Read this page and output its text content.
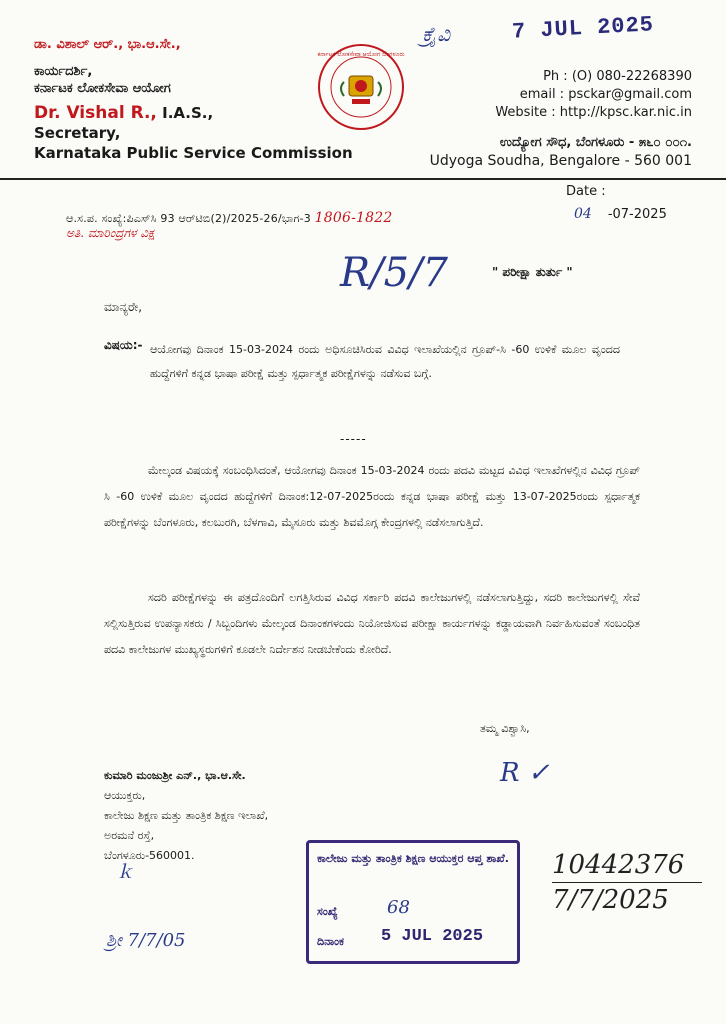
ಡಾ. ವಿಶಾಲ್ ಆರ್., ಭಾ.ಆ.ಸೇ.,
ಕಾರ್ಯದರ್ಶಿ,
ಕರ್ನಾಟಕ ಲೋಕಸೇವಾ ಆಯೋಗ
Dr. Vishal R., I.A.S.,
Secretary,
Karnataka Public Service Commission
ಕರ್ನಾಟಕ ಲೋಕಸೇವಾ ಆಯೋಗ ಬೆಂಗಳೂರು
ಕ್ರೈವಿ	7 JUL 2025
Ph : (O) 080-22268390
email : psckar@gmail.com
Website : http://kpsc.kar.nic.in
ಉದ್ಯೋಗ ಸೌಧ, ಬೆಂಗಳೂರು - ೫೬೦ ೦೦೧.
Udyoga Soudha, Bengalore - 560 001
Date :
04 -07-2025
ಆ.ಸ.ಪ. ಸಂಖ್ಯೆ:ಪಿಎಸ್‌ಸಿ 93 ಆರ್‌ಟಿಬಿ(2)/2025-26/ಭಾಗ-3 1806-1822
ಅತಿ. ಮಾರಿಂದ್ರಗಳ ವಿಕ್ಷ
R/5/7	" ಪರೀಕ್ಷಾ ತುರ್ತು "
ಮಾನ್ಯರೇ,
ವಿಷಯ:- ಆಯೋಗವು ದಿನಾಂಕ 15-03-2024 ರಂದು ಅಧಿಸೂಚಿಸಿರುವ ವಿವಿಧ ಇಲಾಖೆಯಲ್ಲಿನ ಗ್ರೂಪ್-ಸಿ -60 ಉಳಿಕೆ ಮೂಲ ವೃಂದದ ಹುದ್ದೆಗಳಿಗೆ ಕನ್ನಡ ಭಾಷಾ ಪರೀಕ್ಷೆ ಮತ್ತು ಸ್ಪರ್ಧಾತ್ಮಕ ಪರೀಕ್ಷೆಗಳನ್ನು ನಡೆಸುವ ಬಗ್ಗೆ.
-----
ಮೇಲ್ಕಂಡ ವಿಷಯಕ್ಕೆ ಸಂಬಂಧಿಸಿದಂತೆ, ಆಯೋಗವು ದಿನಾಂಕ 15-03-2024 ರಂದು ಪದವಿ ಮಟ್ಟದ ವಿವಿಧ ಇಲಾಖೆಗಳಲ್ಲಿನ ವಿವಿಧ ಗ್ರೂಪ್ ಸಿ -60 ಉಳಿಕೆ ಮೂಲ ವೃಂದದ ಹುದ್ದೆಗಳಿಗೆ ದಿನಾಂಕ:12-07-2025ರಂದು ಕನ್ನಡ ಭಾಷಾ ಪರೀಕ್ಷೆ ಮತ್ತು 13-07-2025ರಂದು ಸ್ಪರ್ಧಾತ್ಮಕ ಪರೀಕ್ಷೆಗಳನ್ನು ಬೆಂಗಳೂರು, ಕಲಬುರಗಿ, ಬೆಳಗಾವಿ, ಮೈಸೂರು ಮತ್ತು ಶಿವಮೊಗ್ಗ ಕೇಂದ್ರಗಳಲ್ಲಿ ನಡೆಸಲಾಗುತ್ತಿದೆ.
ಸದರಿ ಪರೀಕ್ಷೆಗಳನ್ನು ಈ ಪತ್ರದೊಂದಿಗೆ ಲಗತ್ತಿಸಿರುವ ವಿವಿಧ ಸರ್ಕಾರಿ ಪದವಿ ಕಾಲೇಜುಗಳಲ್ಲಿ ನಡೆಸಲಾಗುತ್ತಿದ್ದು, ಸದರಿ ಕಾಲೇಜುಗಳಲ್ಲಿ ಸೇವೆ ಸಲ್ಲಿಸುತ್ತಿರುವ ಉಪನ್ಯಾಸಕರು / ಸಿಬ್ಬಂದಿಗಳು ಮೇಲ್ಕಂಡ ದಿನಾಂಕಗಳಂದು ನಿಯೋಜಿಸುವ ಪರೀಕ್ಷಾ ಕಾರ್ಯಗಳನ್ನು ಕಡ್ಡಾಯವಾಗಿ ನಿರ್ವಹಿಸುವಂತೆ ಸಂಬಂಧಿತ ಪದವಿ ಕಾಲೇಜುಗಳ ಮುಖ್ಯಸ್ಥರುಗಳಿಗೆ ಕೂಡಲೇ ನಿರ್ದೇಶನ ನೀಡಬೇಕೆಂದು ಕೋರಿದೆ.
ತಮ್ಮ ವಿಶ್ವಾಸಿ,
R ✓
ಕುಮಾರಿ ಮಂಜುಶ್ರೀ ಎನ್., ಭಾ.ಆ.ಸೇ.
ಆಯುಕ್ತರು,
ಕಾಲೇಜು ಶಿಕ್ಷಣ ಮತ್ತು ತಾಂತ್ರಿಕ ಶಿಕ್ಷಣ ಇಲಾಖೆ,
ಅರಮನೆ ರಸ್ತೆ,
ಬೆಂಗಳೂರು-560001.
ｋ
ಕಾಲೇಜು ಮತ್ತು ತಾಂತ್ರಿಕ ಶಿಕ್ಷಣ ಆಯುಕ್ತರ ಆಪ್ತ ಶಾಖೆ.
ಸಂಖ್ಯೆ	68
ದಿನಾಂಕ 5 JUL 2025
10442376
7/7/2025
ಶ್ರೀ 7/7/05
